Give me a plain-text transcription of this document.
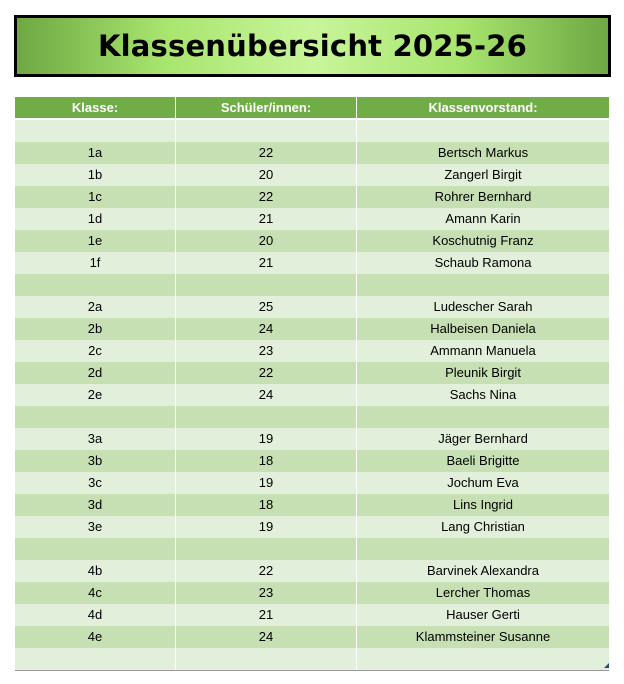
Klassenübersicht 2025-26
Klasse:	Schüler/innen:	Klassenvorstand:
1a	22	Bertsch Markus
1b	20	Zangerl Birgit
1c	22	Rohrer Bernhard
1d	21	Amann Karin
1e	20	Koschutnig Franz
1f	21	Schaub Ramona
2a	25	Ludescher Sarah
2b	24	Halbeisen Daniela
2c	23	Ammann Manuela
2d	22	Pleunik Birgit
2e	24	Sachs Nina
3a	19	Jäger Bernhard
3b	18	Baeli Brigitte
3c	19	Jochum Eva
3d	18	Lins Ingrid
3e	19	Lang Christian
4b	22	Barvinek Alexandra
4c	23	Lercher Thomas
4d	21	Hauser Gerti
4e	24	Klammsteiner Susanne
